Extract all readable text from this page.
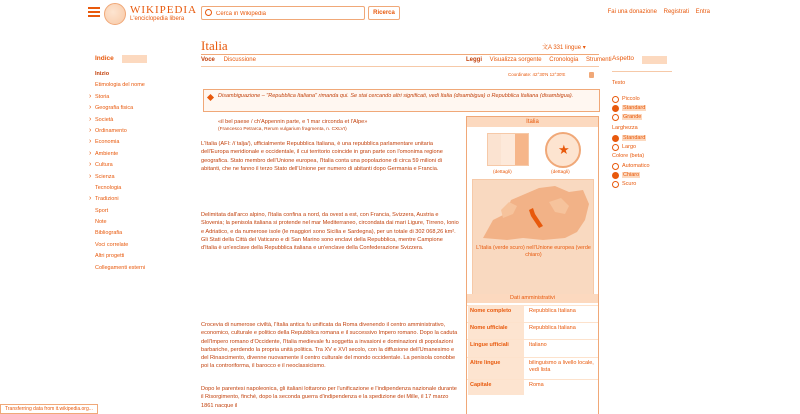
WIKIPEDIA
L'enciclopedia libera
Cerca in Wikipedia
Ricerca	Fai una donazione Registrati Entra
Indice
Inizio
Etimologia del nome
› Storia
› Geografia fisica
› Società
› Ordinamento
› Economia
› Ambiente
› Cultura
› Scienza
Tecnologia
› Tradizioni
Sport
Note
Bibliografia
Voci correlate
Altri progetti
Collegamenti esterni
Italia	文A 331 lingue ▾
Voce Discussione	Leggi Visualizza sorgente Cronologia Strumenti
Coordinate: 42°30′N 12°30′E
Disambiguazione – "Repubblica Italiana" rimanda qui. Se stai cercando altri significati, vedi Italia (disambigua) o Repubblica Italiana (disambigua).
«il bel paese / ch'Appennin parte, e 'l mar circonda et l'Alpe»
(Francesco Petrarca, Rerum vulgarium fragmenta, n. CXLVI)
L'Italia (AFI: /iˈtalja/), ufficialmente Repubblica Italiana, è una repubblica parlamentare unitaria dell'Europa meridionale e occidentale, il cui territorio coincide in gran parte con l'omonima regione geografica. Stato membro dell'Unione europea, l'Italia conta una popolazione di circa 59 milioni di abitanti, che ne fanno il terzo Stato dell'Unione per numero di abitanti dopo Germania e Francia.
Delimitata dall'arco alpino, l'Italia confina a nord, da ovest a est, con Francia, Svizzera, Austria e Slovenia; la penisola italiana si protende nel mar Mediterraneo, circondata dai mari Ligure, Tirreno, Ionio e Adriatico, e da numerose isole (le maggiori sono Sicilia e Sardegna), per un totale di 302 068,26 km². Gli Stati della Città del Vaticano e di San Marino sono enclavi della Repubblica, mentre Campione d'Italia è un'exclave della Repubblica italiana e un'enclave della Confederazione Svizzera.
Crocevia di numerose civiltà, l'Italia antica fu unificata da Roma divenendo il centro amministrativo, economico, culturale e politico della Repubblica romana e il successivo Impero romano. Dopo la caduta dell'Impero romano d'Occidente, l'Italia medievale fu soggetta a invasioni e dominazioni di popolazioni barbariche, perdendo la propria unità politica. Tra XV e XVI secolo, con la diffusione dell'Umanesimo e del Rinascimento, divenne nuovamente il centro culturale del mondo occidentale. La penisola conobbe poi la controriforma, il barocco e il neoclassicismo.
Dopo le parentesi napoleonica, gli italiani lottarono per l'unificazione e l'indipendenza nazionale durante il Risorgimento, finché, dopo la seconda guerra d'indipendenza e la spedizione dei Mille, il 17 marzo 1861 nacque il
Italia
★
(dettagli)	(dettagli)
L'Italia (verde scuro) nell'Unione europea (verde chiaro)
Dati amministrativi
Nome completo	Repubblica Italiana
Nome ufficiale	Repubblica Italiana
Lingue ufficiali	Italiano
Altre lingue	bilinguismo a livello locale, vedi lista
Capitale	Roma
Aspetto
Testo
Piccolo
Standard
Grande
Larghezza
Standard
Largo
Colore (beta)
Automatico
Chiaro
Scuro
Transferring data from it.wikipedia.org...
